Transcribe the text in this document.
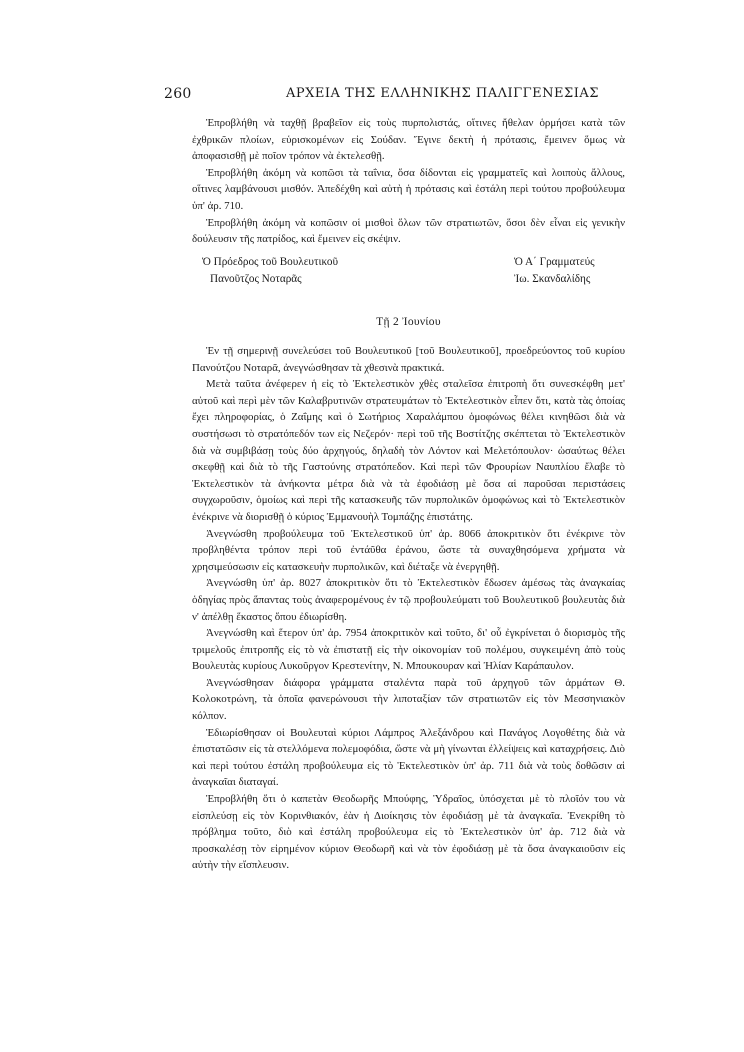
260	ΑΡΧΕΙΑ ΤΗΣ ΕΛΛΗΝΙΚΗΣ ΠΑΛΙΓΓΕΝΕΣΙΑΣ

Ἐπροβλήθη νὰ ταχθῇ βραβεῖον εἰς τοὺς πυρπολιστάς, οἵτινες ἤθελαν ὁρμήσει κατὰ τῶν ἐχθρικῶν πλοίων, εὑρισκομένων εἰς Σούδαν. Ἔγινε δεκτὴ ἡ πρότασις, ἔμεινεν ὅμως νὰ ἀποφασισθῇ μὲ ποῖον τρόπον νὰ ἐκτελεσθῇ.

Ἐπροβλήθη ἀκόμη νὰ κοπῶσι τὰ ταΐνια, ὅσα δίδονται εἰς γραμματεῖς καὶ λοιποὺς ἄλλους, οἵτινες λαμβάνουσι μισθόν. Ἀπεδέχθη καὶ αὐτὴ ἡ πρότασις καὶ ἐστάλη περὶ τούτου προβούλευμα ὑπ' ἀρ. 710.

Ἐπροβλήθη ἀκόμη νὰ κοπῶσιν οἱ μισθοὶ ὅλων τῶν στρατιωτῶν, ὅσοι δὲν εἶναι εἰς γενικὴν δούλευσιν τῆς πατρίδος, καὶ ἔμεινεν εἰς σκέψιν.

Ὁ Πρόεδρος τοῦ Βουλευτικοῦ
Πανοῦτζος Νοταρᾶς
Ὁ Α΄ Γραμματεύς
Ἰω. Σκανδαλίδης
Τῇ 2 Ἰουνίου

Ἐν τῇ σημερινῇ συνελεύσει τοῦ Βουλευτικοῦ [τοῦ Βουλευτικοῦ], προεδρεύοντος τοῦ κυρίου Πανούτζου Νοταρᾶ, ἀνεγνώσθησαν τὰ χθεσινὰ πρακτικά.

Μετὰ ταῦτα ἀνέφερεν ἡ εἰς τὸ Ἐκτελεστικὸν χθὲς σταλεῖσα ἐπιτροπὴ ὅτι συνεσκέφθη μετ' αὐτοῦ καὶ περὶ μὲν τῶν Καλαβρυτινῶν στρατευμάτων τὸ Ἐκτελεστικὸν εἶπεν ὅτι, κατὰ τὰς ὁποίας ἔχει πληροφορίας, ὁ Ζαΐμης καὶ ὁ Σωτήριος Χαραλάμπου ὁμοφώνως θέλει κινηθῶσι διὰ νὰ συστήσωσι τὸ στρατόπεδόν των εἰς Νεζερόν· περὶ τοῦ τῆς Βοστίτζης σκέπτεται τὸ Ἐκτελεστικὸν διὰ νὰ συμβιβάσῃ τοὺς δύο ἀρχηγούς, δηλαδὴ τὸν Λόντον καὶ Μελετόπουλον· ὡσαύτως θέλει σκεφθῇ καὶ διὰ τὸ τῆς Γαστούνης στρατόπεδον. Καὶ περὶ τῶν Φρουρίων Ναυπλίου ἔλαβε τὸ Ἐκτελεστικὸν τὰ ἀνήκοντα μέτρα διὰ νὰ τὰ ἐφοδιάσῃ μὲ ὅσα αἱ παροῦσαι περιστάσεις συγχωροῦσιν, ὁμοίως καὶ περὶ τῆς κατασκευῆς τῶν πυρπολικῶν ὁμοφώνως καὶ τὸ Ἐκτελεστικὸν ἐνέκρινε νὰ διορισθῇ ὁ κύριος Ἐμμανουὴλ Τομπάζης ἐπιστάτης.

Ἀνεγνώσθη προβούλευμα τοῦ Ἐκτελεστικοῦ ὑπ' ἀρ. 8066 ἀποκριτικὸν ὅτι ἐνέκρινε τὸν προβληθέντα τρόπον περὶ τοῦ ἐντάῦθα ἐράνου, ὥστε τὰ συναχθησόμενα χρήματα νὰ χρησιμεύσωσιν εἰς κατασκευὴν πυρπολικῶν, καὶ διέταξε νὰ ἐνεργηθῇ.

Ἀνεγνώσθη ὑπ' ἀρ. 8027 ἀποκριτικὸν ὅτι τὸ Ἐκτελεστικὸν ἔδωσεν ἀμέσως τὰς ἀναγκαίας ὁδηγίας πρὸς ἅπαντας τοὺς ἀναφερομένους ἐν τῷ προβουλεύματι τοῦ Βουλευτικοῦ βουλευτὰς διὰ ν' ἀπέλθῃ ἕκαστος ὅπου ἐδιωρίσθη.

Ἀνεγνώσθη καὶ ἕτερον ὑπ' ἀρ. 7954 ἀποκριτικὸν καὶ τοῦτο, δι' οὗ ἐγκρίνεται ὁ διορισμὸς τῆς τριμελοῦς ἐπιτροπῆς εἰς τὸ νὰ ἐπιστατῇ εἰς τὴν οἰκονομίαν τοῦ πολέμου, συγκειμένη ἀπὸ τοὺς Βουλευτὰς κυρίους Λυκοῦργον Κρεστενίτην, Ν. Μπουκουραν καὶ Ἠλίαν Καράπαυλον.

Ἀνεγνώσθησαν διάφορα γράμματα σταλέντα παρὰ τοῦ ἀρχηγοῦ τῶν ἁρμάτων Θ. Κολοκοτρώνη, τὰ ὁποῖα φανερώνουσι τὴν λιποταξίαν τῶν στρατιωτῶν εἰς τὸν Μεσσηνιακὸν κόλπον.

Ἐδιωρίσθησαν οἱ Βουλευταὶ κύριοι Λάμπρος Ἀλεξάνδρου καὶ Πανάγος Λογοθέτης διὰ νὰ ἐπιστατῶσιν εἰς τὰ στελλόμενα πολεμοφόδια, ὥστε νὰ μὴ γίνωνται ἐλλείψεις καὶ καταχρήσεις. Διὸ καὶ περὶ τούτου ἐστάλη προβούλευμα εἰς τὸ Ἐκτελεστικὸν ὑπ' ἀρ. 711 διὰ νὰ τοὺς δοθῶσιν αἱ ἀναγκαῖαι διαταγαί.

Ἐπροβλήθη ὅτι ὁ καπετὰν Θεοδωρῆς Μπούφης, Ὑδραῖος, ὑπόσχεται μὲ τὸ πλοῖόν του νὰ εἰσπλεύσῃ εἰς τὸν Κορινθιακόν, ἐὰν ἡ Διοίκησις τὸν ἐφοδιάσῃ μὲ τὰ ἀναγκαῖα. Ἐνεκρίθη τὸ πρόβλημα τοῦτο, διὸ καὶ ἐστάλη προβούλευμα εἰς τὸ Ἐκτελεστικὸν ὑπ' ἀρ. 712 διὰ νὰ προσκαλέσῃ τὸν εἰρημένον κύριον Θεοδωρῆ καὶ νὰ τὸν ἐφοδιάσῃ μὲ τὰ ὅσα ἀναγκαιοῦσιν εἰς αὐτὴν τὴν εἴσπλευσιν.
